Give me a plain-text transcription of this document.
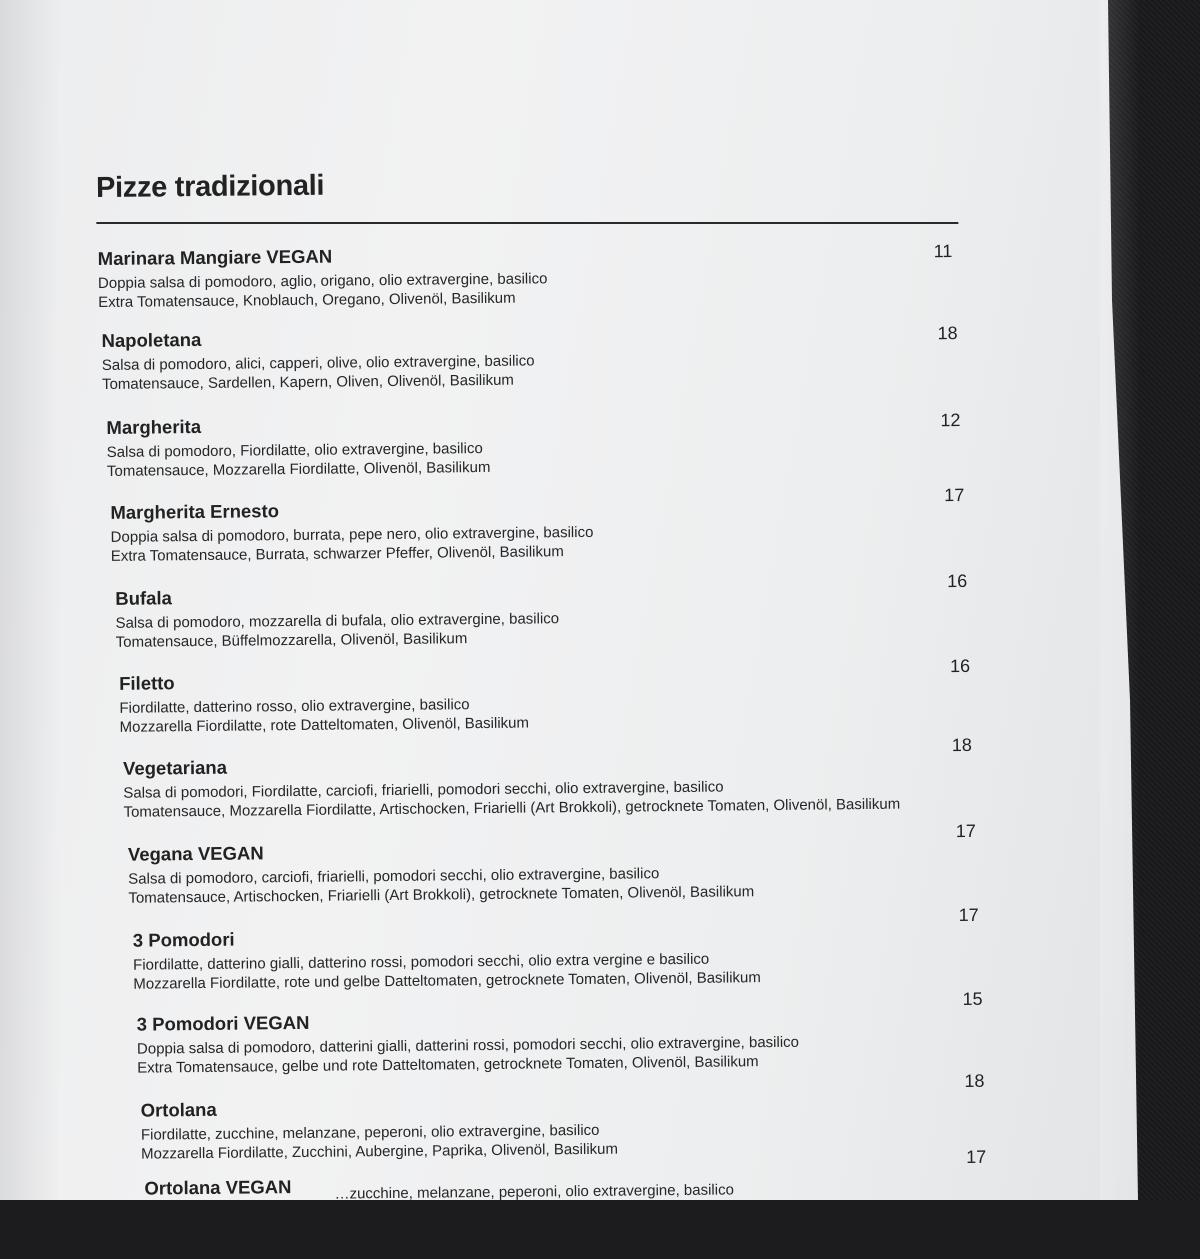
Pizze tradizionali
Marinara Mangiare VEGAN
Doppia salsa di pomodoro, aglio, origano, olio extravergine, basilico
Extra Tomatensauce, Knoblauch, Oregano, Olivenöl, Basilikum
11
Napoletana
Salsa di pomodoro, alici, capperi, olive, olio extravergine, basilico
Tomatensauce, Sardellen, Kapern, Oliven, Olivenöl, Basilikum
18
Margherita
Salsa di pomodoro, Fiordilatte, olio extravergine, basilico
Tomatensauce, Mozzarella Fiordilatte, Olivenöl, Basilikum
12
Margherita Ernesto
Doppia salsa di pomodoro, burrata, pepe nero, olio extravergine, basilico
Extra Tomatensauce, Burrata, schwarzer Pfeffer, Olivenöl, Basilikum
17
Bufala
Salsa di pomodoro, mozzarella di bufala, olio extravergine, basilico
Tomatensauce, Büffelmozzarella, Olivenöl, Basilikum
16
Filetto
Fiordilatte, datterino rosso, olio extravergine, basilico
Mozzarella Fiordilatte, rote Datteltomaten, Olivenöl, Basilikum
16
Vegetariana
Salsa di pomodori, Fiordilatte, carciofi, friarielli, pomodori secchi, olio extravergine, basilico
Tomatensauce, Mozzarella Fiordilatte, Artischocken, Friarielli (Art Brokkoli), getrocknete Tomaten, Olivenöl, Basilikum
18
Vegana VEGAN
Salsa di pomodoro, carciofi, friarielli, pomodori secchi, olio extravergine, basilico
Tomatensauce, Artischocken, Friarielli (Art Brokkoli), getrocknete Tomaten, Olivenöl, Basilikum
17
3 Pomodori
Fiordilatte, datterino gialli, datterino rossi, pomodori secchi, olio extra vergine e basilico
Mozzarella Fiordilatte, rote und gelbe Datteltomaten, getrocknete Tomaten, Olivenöl, Basilikum
17
3 Pomodori VEGAN
Doppia salsa di pomodoro, datterini gialli, datterini rossi, pomodori secchi, olio extravergine, basilico
Extra Tomatensauce, gelbe und rote Datteltomaten, getrocknete Tomaten, Olivenöl, Basilikum
15
Ortolana
Fiordilatte, zucchine, melanzane, peperoni, olio extravergine, basilico
Mozzarella Fiordilatte, Zucchini, Aubergine, Paprika, Olivenöl, Basilikum
18
Ortolana VEGAN	…zucchine, melanzane, peperoni, olio extravergine, basilico
17
